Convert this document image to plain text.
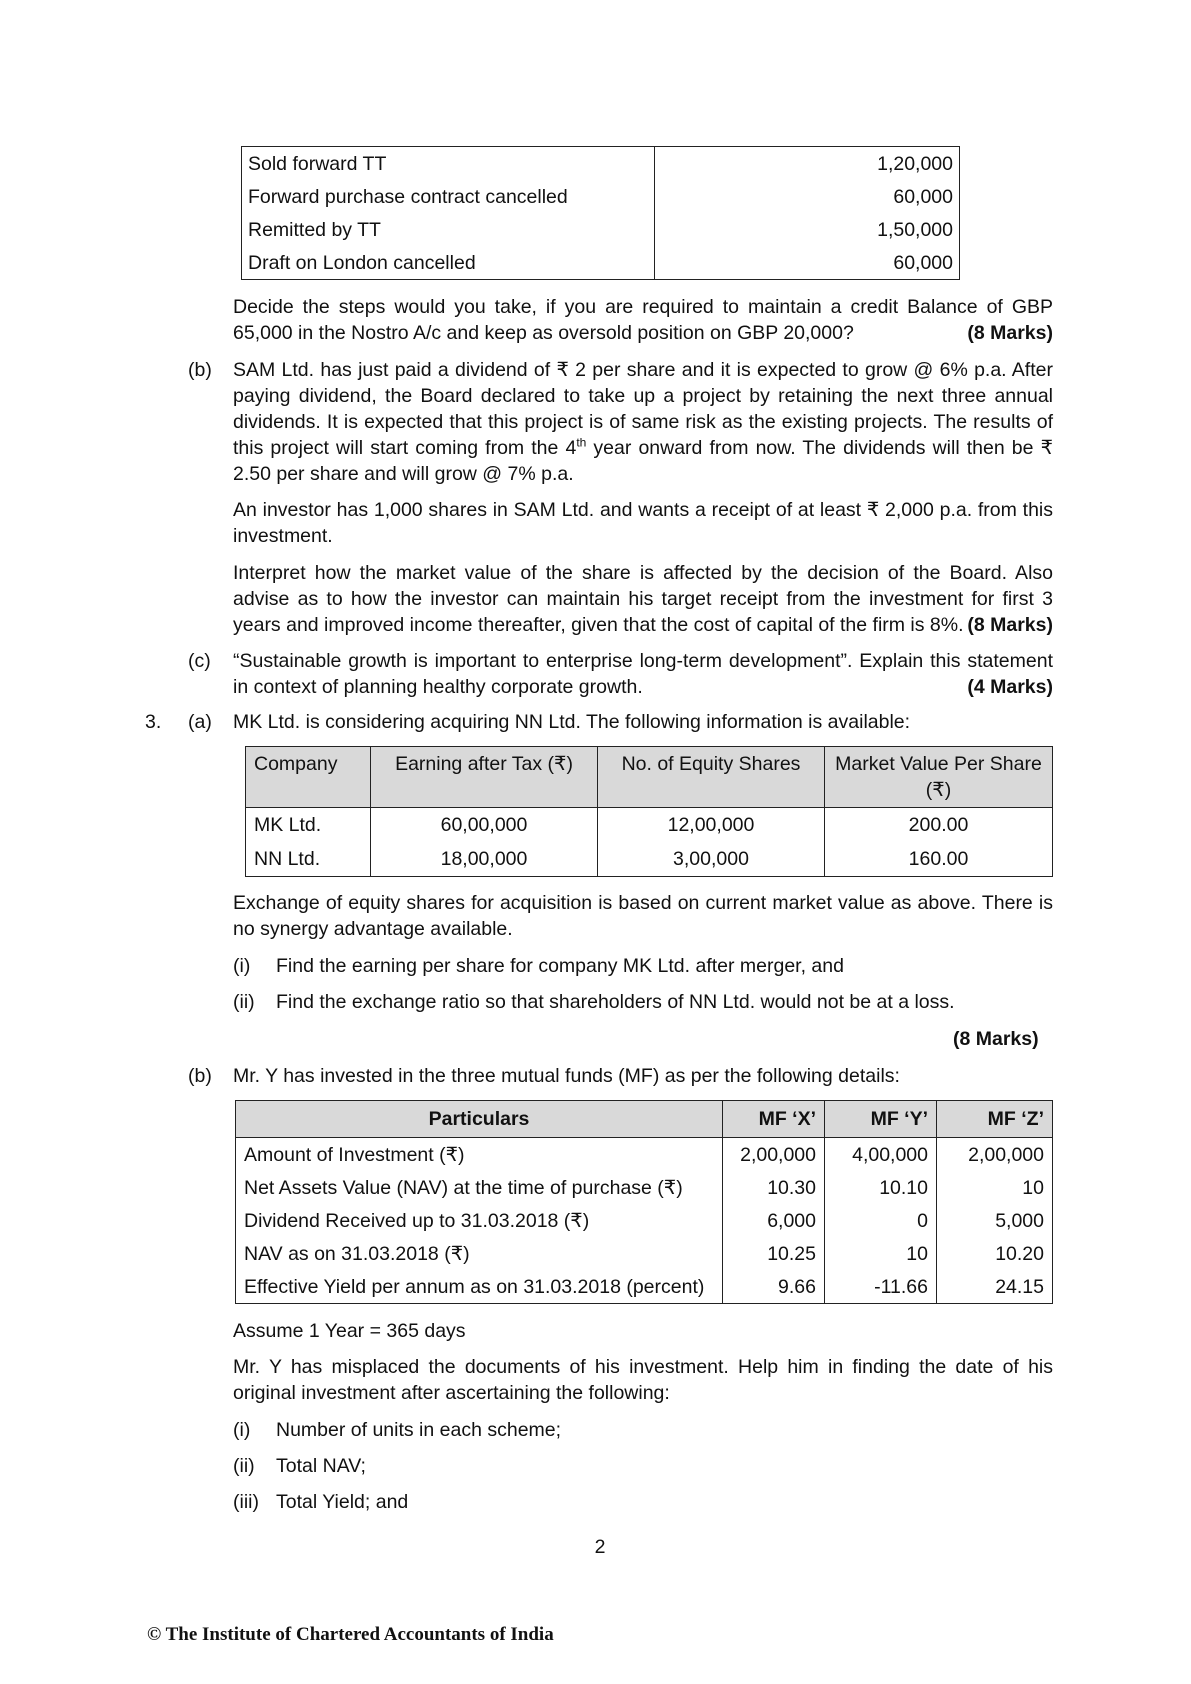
Sold forward TT	1,20,000
Forward purchase contract cancelled	60,000
Remitted by TT	1,50,000
Draft on London cancelled	60,000
Decide the steps would you take, if you are required to maintain a credit Balance of GBP 65,000 in the Nostro A/c and keep as oversold position on GBP 20,000?	(8 Marks)
(b) SAM Ltd. has just paid a dividend of ₹ 2 per share and it is expected to grow @ 6% p.a. After paying dividend, the Board declared to take up a project by retaining the next three annual dividends. It is expected that this project is of same risk as the existing projects. The results of this project will start coming from the 4th year onward from now. The dividends will then be ₹ 2.50 per share and will grow @ 7% p.a.
An investor has 1,000 shares in SAM Ltd. and wants a receipt of at least ₹ 2,000 p.a. from this investment.
Interpret how the market value of the share is affected by the decision of the Board. Also advise as to how the investor can maintain his target receipt from the investment for first 3 years and improved income thereafter, given that the cost of capital of the firm is 8%. (8 Marks)
(c) “Sustainable growth is important to enterprise long-term development”. Explain this statement in context of planning healthy corporate growth.	(4 Marks)
3. (a) MK Ltd. is considering acquiring NN Ltd. The following information is available:
Company	Earning after Tax (₹)	No. of Equity Shares	Market Value Per Share (₹)
MK Ltd.	60,00,000	12,00,000	200.00
NN Ltd.	18,00,000	3,00,000	160.00
Exchange of equity shares for acquisition is based on current market value as above. There is no synergy advantage available.
(i) Find the earning per share for company MK Ltd. after merger, and
(ii) Find the exchange ratio so that shareholders of NN Ltd. would not be at a loss.
(8 Marks)
(b) Mr. Y has invested in the three mutual funds (MF) as per the following details:
Particulars	MF ‘X’	MF ‘Y’	MF ‘Z’
Amount of Investment (₹)	2,00,000	4,00,000	2,00,000
Net Assets Value (NAV) at the time of purchase (₹)	10.30	10.10	10
Dividend Received up to 31.03.2018 (₹)	6,000	0	5,000
NAV as on 31.03.2018 (₹)	10.25	10	10.20
Effective Yield per annum as on 31.03.2018 (percent)	9.66	-11.66	24.15
Assume 1 Year = 365 days
Mr. Y has misplaced the documents of his investment. Help him in finding the date of his original investment after ascertaining the following:
(i) Number of units in each scheme;
(ii) Total NAV;
(iii) Total Yield; and
2
© The Institute of Chartered Accountants of India
